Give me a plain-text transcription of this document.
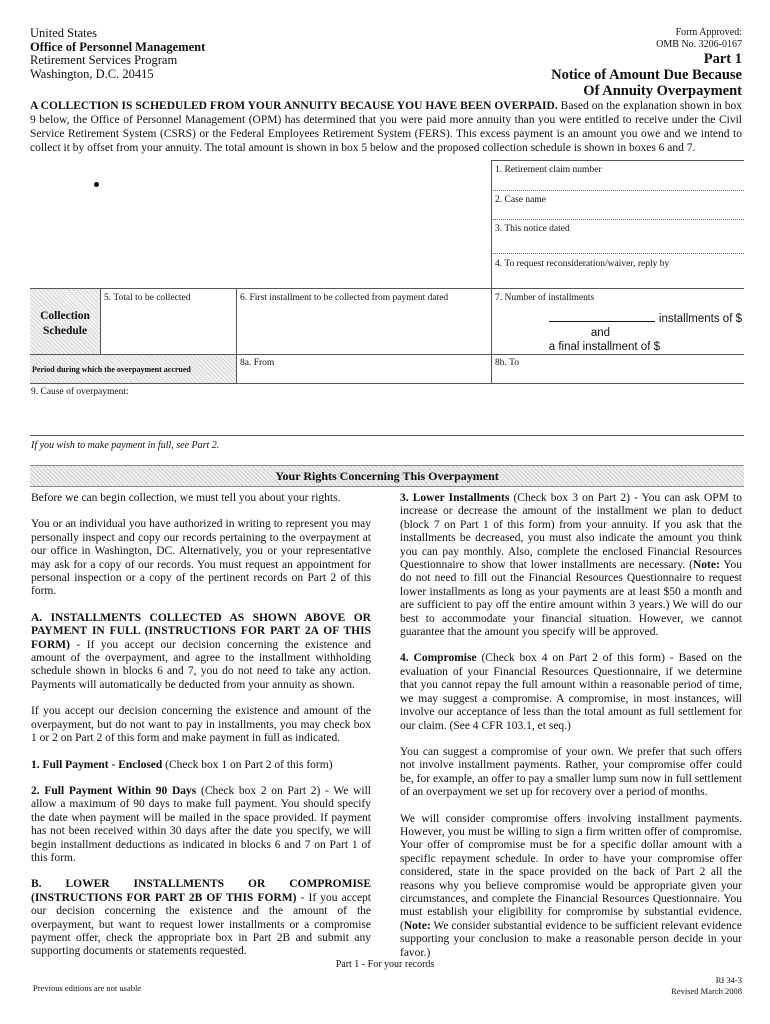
United States
Office of Personnel Management
Retirement Services Program
Washington, D.C. 20415
Form Approved:
OMB No. 3206-0167
Part 1
Notice of Amount Due Because
Of Annuity Overpayment
A COLLECTION IS SCHEDULED FROM YOUR ANNUITY BECAUSE YOU HAVE BEEN OVERPAID. Based on the explanation shown in box 9 below, the Office of Personnel Management (OPM) has determined that you were paid more annuity than you were entitled to receive under the Civil Service Retirement System (CSRS) or the Federal Employees Retirement System (FERS). This excess payment is an amount you owe and we intend to collect it by offset from your annuity. The total amount is shown in box 5 below and the proposed collection schedule is shown in boxes 6 and 7.
1. Retirement claim number
2. Case name
3. This notice dated
4. To request reconsideration/waiver, reply by
Collection
Schedule
5. Total to be collected	6. First installment to be collected from payment dated	7. Number of installments
installments of $
and
a final installment of $
Period during which the overpayment accrued
8a. From	8b. To
9. Cause of overpayment:
If you wish to make payment in full, see Part 2.
Your Rights Concerning This Overpayment

Before we can begin collection, we must tell you about your rights.

You or an individual you have authorized in writing to represent you may personally inspect and copy our records pertaining to the overpayment at our office in Washington, DC. Alternatively, you or your representative may ask for a copy of our records. You must request an appointment for personal inspection or a copy of the pertinent records on Part 2 of this form.

A. INSTALLMENTS COLLECTED AS SHOWN ABOVE OR PAYMENT IN FULL (INSTRUCTIONS FOR PART 2A OF THIS FORM) - If you accept our decision concerning the existence and amount of the overpayment, and agree to the installment withholding schedule shown in blocks 6 and 7, you do not need to take any action. Payments will automatically be deducted from your annuity as shown.

If you accept our decision concerning the existence and amount of the overpayment, but do not want to pay in installments, you may check box 1 or 2 on Part 2 of this form and make payment in full as indicated.

1. Full Payment - Enclosed (Check box 1 on Part 2 of this form)

2. Full Payment Within 90 Days (Check box 2 on Part 2) - We will allow a maximum of 90 days to make full payment. You should specify the date when payment will be mailed in the space provided. If payment has not been received within 30 days after the date you specify, we will begin installment deductions as indicated in blocks 6 and 7 on Part 1 of this form.

B. LOWER INSTALLMENTS OR COMPROMISE (INSTRUCTIONS FOR PART 2B OF THIS FORM) - If you accept our decision concerning the existence and the amount of the overpayment, but want to request lower installments or a compromise payment offer, check the appropriate box in Part 2B and submit any supporting documents or statements requested.

3. Lower Installments (Check box 3 on Part 2) - You can ask OPM to increase or decrease the amount of the installment we plan to deduct (block 7 on Part 1 of this form) from your annuity. If you ask that the installments be decreased, you must also indicate the amount you think you can pay monthly. Also, complete the enclosed Financial Resources Questionnaire to show that lower installments are necessary. (Note: You do not need to fill out the Financial Resources Questionnaire to request lower installments as long as your payments are at least $50 a month and are sufficient to pay off the entire amount within 3 years.) We will do our best to accommodate your financial situation. However, we cannot guarantee that the amount you specify will be approved.

4. Compromise (Check box 4 on Part 2 of this form) - Based on the evaluation of your Financial Resources Questionnaire, if we determine that you cannot repay the full amount within a reasonable period of time, we may suggest a compromise. A compromise, in most instances, will involve our acceptance of less than the total amount as full settlement for our claim. (See 4 CFR 103.1, et seq.)

You can suggest a compromise of your own. We prefer that such offers not involve installment payments. Rather, your compromise offer could be, for example, an offer to pay a smaller lump sum now in full settlement of an overpayment we set up for recovery over a period of months.

We will consider compromise offers involving installment payments. However, you must be willing to sign a firm written offer of compromise. Your offer of compromise must be for a specific dollar amount with a specific repayment schedule. In order to have your compromise offer considered, state in the space provided on the back of Part 2 all the reasons why you believe compromise would be appropriate given your circumstances, and complete the Financial Resources Questionnaire. You must establish your eligibility for compromise by substantial evidence. (Note: We consider substantial evidence to be sufficient relevant evidence supporting your conclusion to make a reasonable person decide in your favor.)

Part 1 - For your records
Previous editions are not usable
RI 34-3
Revised March 2008
